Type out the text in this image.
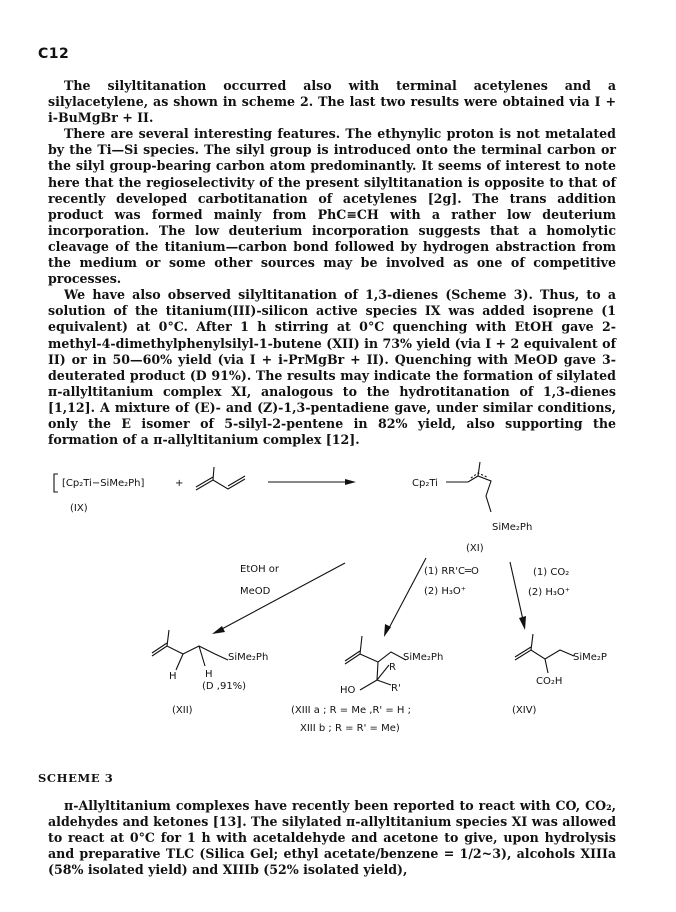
C12

The silyltitanation occurred also with terminal acetylenes and a silylacetylene, as shown in scheme 2. The last two results were obtained via I + i-BuMgBr + II.

There are several interesting features. The ethynylic proton is not metalated by the Ti—Si species. The silyl group is introduced onto the terminal carbon or the silyl group-bearing carbon atom predominantly. It seems of interest to note here that the regioselectivity of the present silyltitanation is opposite to that of recently developed carbotitanation of acetylenes [2g]. The trans addition product was formed mainly from PhC≡CH with a rather low deuterium incorporation. The low deuterium incorporation suggests that a homolytic cleavage of the titanium—carbon bond followed by hydrogen abstraction from the medium or some other sources may be involved as one of competitive processes.

We have also observed silyltitanation of 1,3-dienes (Scheme 3). Thus, to a solution of the titanium(III)-silicon active species IX was added isoprene (1 equivalent) at 0°C. After 1 h stirring at 0°C quenching with EtOH gave 2-methyl-4-dimethylphenylsilyl-1-butene (XII) in 73% yield (via I + 2 equivalent of II) or in 50—60% yield (via I + i-PrMgBr + II). Quenching with MeOD gave 3-deuterated product (D 91%). The results may indicate the formation of silylated π-allyltitanium complex XI, analogous to the hydrotitanation of 1,3-dienes [1,12]. A mixture of (E)- and (Z)-1,3-pentadiene gave, under similar conditions, only the E isomer of 5-silyl-2-pentene in 82% yield, also supporting the formation of a π-allyltitanium complex [12].

[Cp₂Ti−SiMe₂Ph]	+
(IX)
Cp₂Ti
SiMe₂Ph
(XI)
EtOH or
MeOD
(1) RR'C═O
(2) H₃O⁺
(1) CO₂
(2) H₃O⁺
SiMe₂Ph
H	H
(D ,91%)
(XII)
SiMe₂Ph
R
R'
HO
(XIII a ; R = Me ,R' = H ;
XIII b ; R = R' = Me)
SiMe₂P
CO₂H
(XIV)
SCHEME 3

π-Allyltitanium complexes have recently been reported to react with CO, CO₂, aldehydes and ketones [13]. The silylated π-allyltitanium species XI was allowed to react at 0°C for 1 h with acetaldehyde and acetone to give, upon hydrolysis and preparative TLC (Silica Gel; ethyl acetate/benzene = 1/2~3), alcohols XIIIa (58% isolated yield) and XIIIb (52% isolated yield),
